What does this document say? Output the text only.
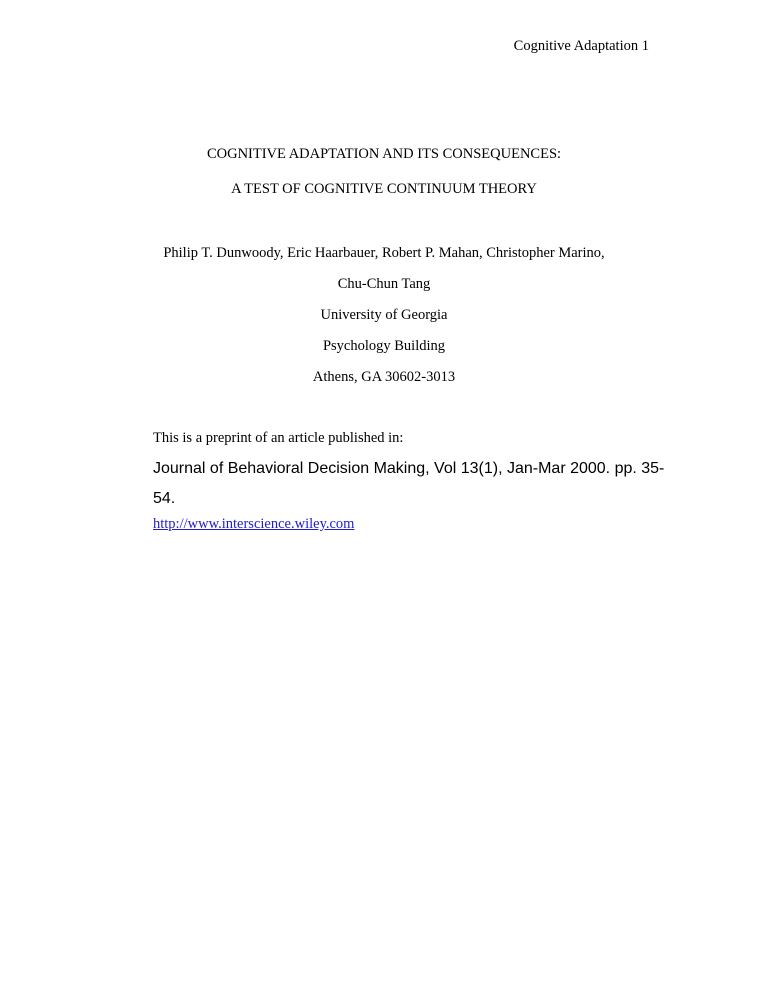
Cognitive Adaptation 1
COGNITIVE ADAPTATION AND ITS CONSEQUENCES:
A TEST OF COGNITIVE CONTINUUM THEORY
Philip T. Dunwoody, Eric Haarbauer, Robert P. Mahan, Christopher Marino,
Chu-Chun Tang
University of Georgia
Psychology Building
Athens, GA 30602-3013
This is a preprint of an article published in:
Journal of Behavioral Decision Making, Vol 13(1), Jan-Mar 2000. pp. 35-
54.
http://www.interscience.wiley.com
